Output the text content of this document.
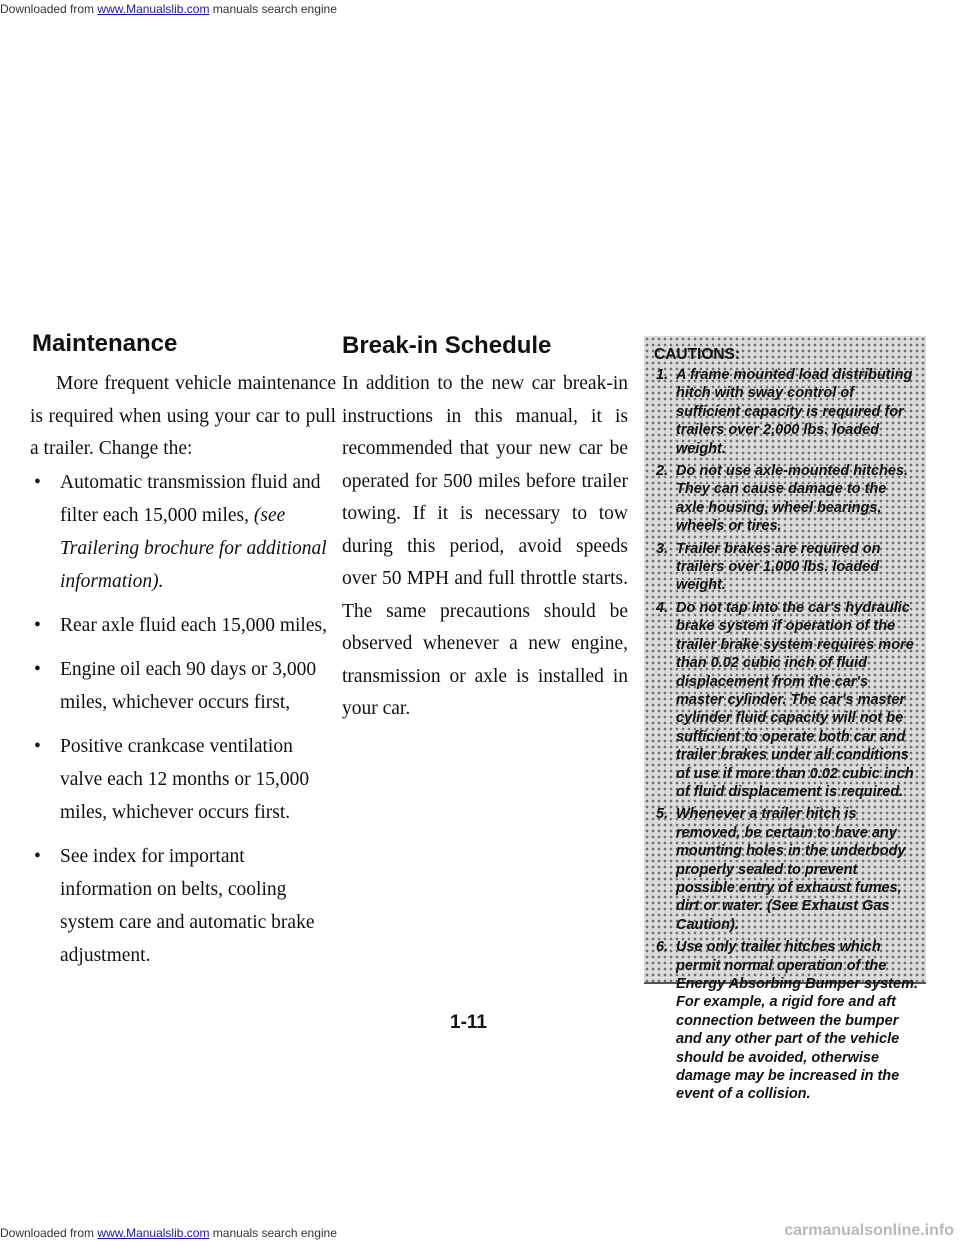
Downloaded from www.Manualslib.com manuals search engine
Maintenance

More frequent vehicle maintenance is required when using your car to pull a trailer. Change the:

• Automatic transmission fluid and filter each 15,000 miles, (see Trailering brochure for additional information).
• Rear axle fluid each 15,000 miles,
• Engine oil each 90 days or 3,000 miles, whichever occurs first,
• Positive crankcase ventilation valve each 12 months or 15,000 miles, whichever occurs first.
• See index for important information on belts, cooling system care and automatic brake adjustment.
Break-in Schedule

In addition to the new car break-in instructions in this manual, it is recommended that your new car be operated for 500 miles before trailer towing. If it is necessary to tow during this period, avoid speeds over 50 MPH and full throttle starts. The same precautions should be observed whenever a new engine, transmission or axle is installed in your car.

CAUTIONS:
1. A frame mounted load distributing hitch with sway control of sufficient capacity is required for trailers over 2,000 lbs. loaded weight.
2. Do not use axle-mounted hitches. They can cause damage to the axle housing, wheel bearings, wheels or tires.
3. Trailer brakes are required on trailers over 1,000 lbs. loaded weight.
4. Do not tap into the car's hydraulic brake system if operation of the trailer brake system requires more than 0.02 cubic inch of fluid displacement from the car's master cylinder. The car's master cylinder fluid capacity will not be sufficient to operate both car and trailer brakes under all conditions of use if more than 0.02 cubic inch of fluid displacement is required.
5. Whenever a trailer hitch is removed, be certain to have any mounting holes in the underbody properly sealed to prevent possible entry of exhaust fumes, dirt or water. (See Exhaust Gas Caution).
6. Use only trailer hitches which permit normal operation of the Energy Absorbing Bumper system. For example, a rigid fore and aft connection between the bumper and any other part of the vehicle should be avoided, otherwise damage may be increased in the event of a collision.
1-11
Downloaded from www.Manualslib.com manuals search engine	carmanualsonline.info
